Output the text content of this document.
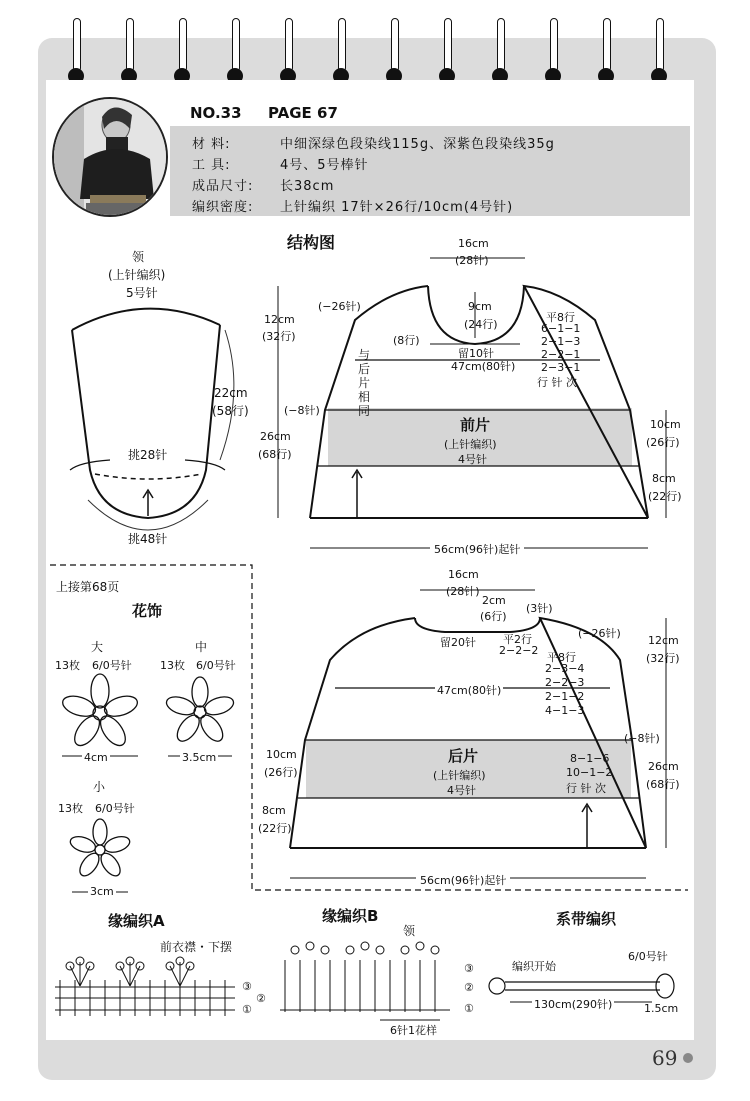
NO.33 PAGE 67
材 料:	中细深绿色段染线115g、深紫色段染线35g
工 具:	4号、5号棒针
成品尺寸: 长38cm
编织密度: 上针编织 17针×26行/10cm(4号针)
结构图
领
(上针编织)
5号针
22cm
(58行)
挑28针
挑48针
16cm
(28针)
12cm
(32行)
(−26针)	9cm
(24行)
(8行)
留10针
47cm(80针)
(−8针)
与后片相同
前片
(上针编织)
4号针
26cm
(68行)
10cm
(26行)
8cm
(22行)
56cm(96针)起针
平8行
6−1−1
2−1−3
2−2−1
2−3−1
行 针 次
上接第68页
花饰
大
13枚 6/0号针
4cm
中
13枚 6/0号针
3.5cm
小
13枚 6/0号针
3cm
16cm
(28针)
2cm
(6行)
(3针)
(−26针)
留20针 平2行
2−2−2
12cm
(32行)
47cm(80针)
平8行
2−3−4
2−2−3
2−1−2
4−1−3
(−8针)
后片
(上针编织)
4号针
8−1−6
10−1−2
行 针 次
10cm
(26行)
8cm
(22行)
26cm
(68行)
56cm(96针)起针
缘编织A
前衣襟・下摆
③
②
①
缘编织B
领
③
②
①
6针1花样
系带编织
编织开始
6/0号针
130cm(290针)	1.5cm
69
